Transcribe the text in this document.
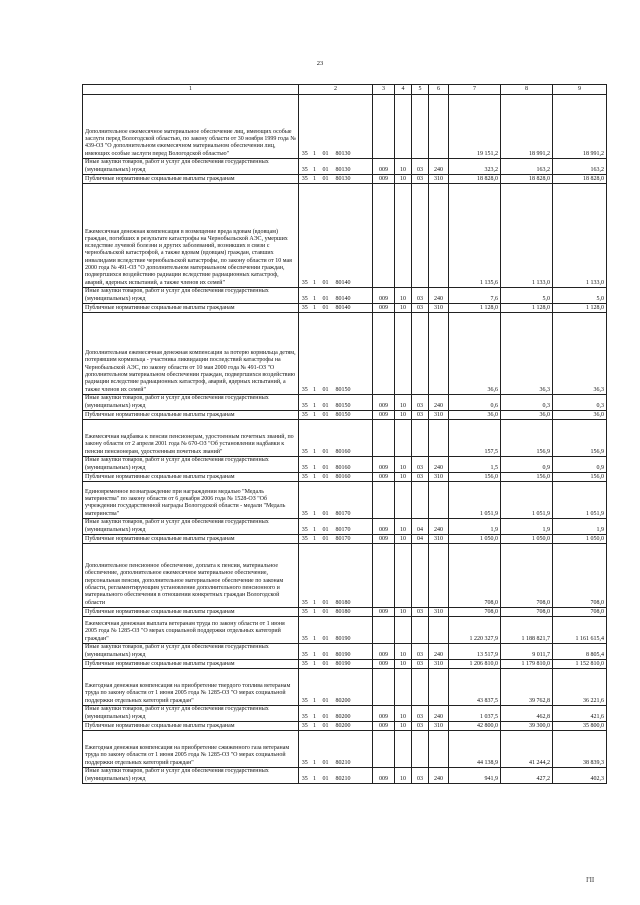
23
1	2				3	4	5	6	7	8	9
Дополнительное ежемесячное материальное обеспечение лиц, имеющих особые заслуги перед Вологодской областью, по закону области от 30 ноября 1999 года № 439-ОЗ "О дополнительном ежемесячном материальном обеспечении лиц, имеющих особые заслуги перед Вологодской областью"	35	1	01	80130					19 151,2	18 991,2	18 991,2
Иные закупки товаров, работ и услуг для обеспечения государственных (муниципальных) нужд	35	1	01	80130	009	10	03	240	323,2	163,2	163,2
Публичные нормативные социальные выплаты гражданам	35	1	01	80130	009	10	03	310	18 828,0	18 828,0	18 828,0
Ежемесячная денежная компенсация в возмещение вреда вдовам (вдовцам) граждан, погибших в результате катастрофы на Чернобыльской АЭС, умерших вследствие лучевой болезни и других заболеваний, возникших в связи с чернобыльской катастрофой, а также вдовам (вдовцам) граждан, ставших инвалидами вследствие чернобыльской катастрофы, по закону области от 10 мая 2000 года № 491-ОЗ "О дополнительном материальном обеспечении граждан, подвергшихся воздействию радиации вследствие радиационных катастроф, аварий, ядерных испытаний, а также членов их семей"	35	1	01	80140					1 135,6	1 133,0	1 133,0
Иные закупки товаров, работ и услуг для обеспечения государственных (муниципальных) нужд	35	1	01	80140	009	10	03	240	7,6	5,0	5,0
Публичные нормативные социальные выплаты гражданам	35	1	01	80140	009	10	03	310	1 128,0	1 128,0	1 128,0
Дополнительная ежемесячная денежная компенсация за потерю кормильца детям, потерявшим кормильца - участника ликвидации последствий катастрофы на Чернобыльской АЭС, по закону области от 10 мая 2000 года № 491-ОЗ "О дополнительном материальном обеспечении граждан, подвергшихся воздействию радиации вследствие радиационных катастроф, аварий, ядерных испытаний, а также членов их семей"	35	1	01	80150					36,6	36,3	36,3
Иные закупки товаров, работ и услуг для обеспечения государственных (муниципальных) нужд	35	1	01	80150	009	10	03	240	0,6	0,3	0,3
Публичные нормативные социальные выплаты гражданам	35	1	01	80150	009	10	03	310	36,0	36,0	36,0
Ежемесячная надбавка к пенсии пенсионерам, удостоенным почетных званий, по закону области от 2 апреля 2001 года № 670-ОЗ "Об установлении надбавки к пенсии пенсионерам, удостоенным почетных званий"	35	1	01	80160					157,5	156,9	156,9
Иные закупки товаров, работ и услуг для обеспечения государственных (муниципальных) нужд	35	1	01	80160	009	10	03	240	1,5	0,9	0,9
Публичные нормативные социальные выплаты гражданам	35	1	01	80160	009	10	03	310	156,0	156,0	156,0
Единовременное вознаграждение при награждении медалью "Медаль материнства" по закону области от 6 декабря 2006 года № 1528-ОЗ "Об учреждении государственной награды Вологодской области - медали "Медаль материнства"	35	1	01	80170					1 051,9	1 051,9	1 051,9
Иные закупки товаров, работ и услуг для обеспечения государственных (муниципальных) нужд	35	1	01	80170	009	10	04	240	1,9	1,9	1,9
Публичные нормативные социальные выплаты гражданам	35	1	01	80170	009	10	04	310	1 050,0	1 050,0	1 050,0
Дополнительное пенсионное обеспечение, доплата к пенсии, материальное обеспечение, дополнительное ежемесячное материальное обеспечение, персональная пенсия, дополнительное материальное обеспечение по законам области, регламентирующим установление дополнительного пенсионного и материального обеспечения в отношении конкретных граждан Вологодской области	35	1	01	80180					708,0	708,0	708,0
Публичные нормативные социальные выплаты гражданам	35	1	01	80180	009	10	03	310	708,0	708,0	708,0
Ежемесячная денежная выплата ветеранам труда по закону области от 1 июня 2005 года № 1285-ОЗ "О мерах социальной поддержки отдельных категорий граждан"	35	1	01	80190					1 220 327,9	1 188 821,7	1 161 615,4
Иные закупки товаров, работ и услуг для обеспечения государственных (муниципальных) нужд	35	1	01	80190	009	10	03	240	13 517,9	9 011,7	8 805,4
Публичные нормативные социальные выплаты гражданам	35	1	01	80190	009	10	03	310	1 206 810,0	1 179 810,0	1 152 810,0
Ежегодная денежная компенсация на приобретение твердого топлива ветеранам труда по закону области от 1 июня 2005 года № 1285-ОЗ "О мерах социальной поддержки отдельных категорий граждан"	35	1	01	80200					43 837,5	39 762,8	36 221,6
Иные закупки товаров, работ и услуг для обеспечения государственных (муниципальных) нужд	35	1	01	80200	009	10	03	240	1 037,5	462,8	421,6
Публичные нормативные социальные выплаты гражданам	35	1	01	80200	009	10	03	310	42 800,0	39 300,0	35 800,0
Ежегодная денежная компенсация на приобретение сжиженного газа ветеранам труда по закону области от 1 июня 2005 года № 1285-ОЗ "О мерах социальной поддержки отдельных категорий граждан"	35	1	01	80210					44 138,9	41 244,2	38 839,3
Иные закупки товаров, работ и услуг для обеспечения государственных (муниципальных) нужд	35	1	01	80210	009	10	03	240	941,9	427,2	402,3
I'II
